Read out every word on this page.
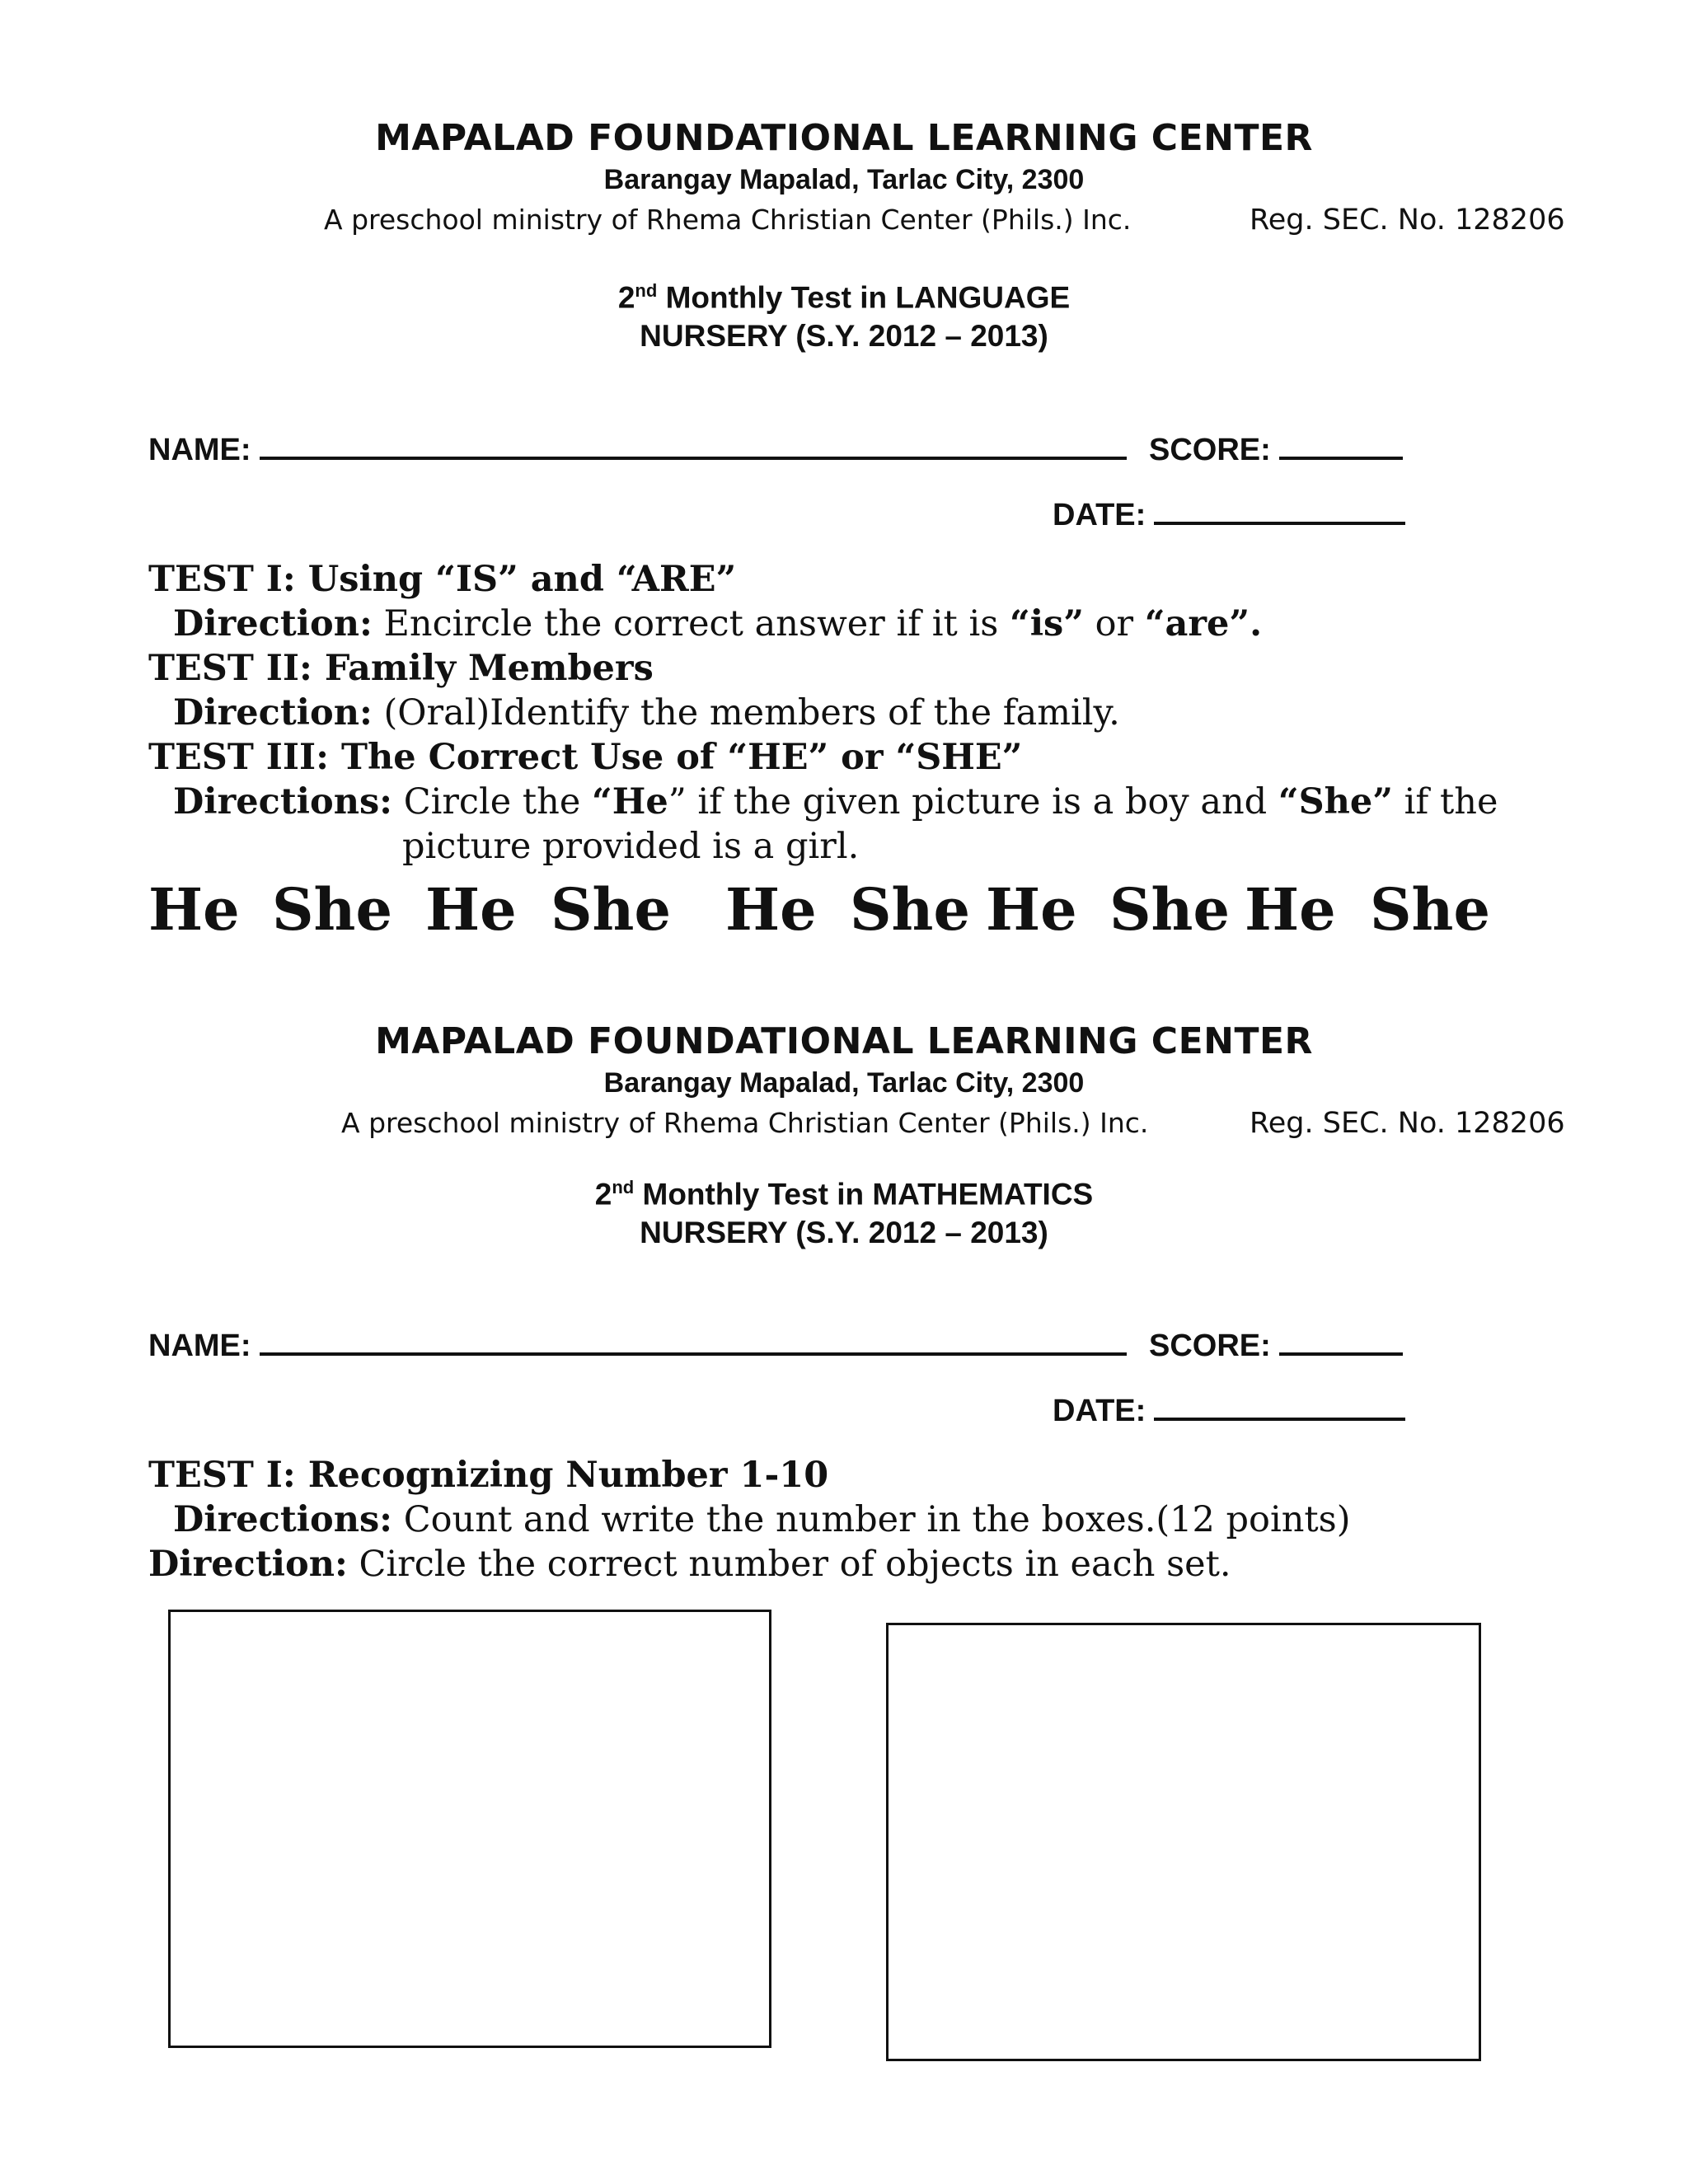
MAPALAD FOUNDATIONAL LEARNING CENTER
Barangay Mapalad, Tarlac City, 2300
A preschool ministry of Rhema Christian Center (Phils.) Inc.	Reg. SEC. No. 128206
2nd Monthly Test in LANGUAGE
NURSERY (S.Y. 2012 – 2013)
NAME:	SCORE:
DATE:
TEST I: Using “IS” and “ARE”
Direction: Encircle the correct answer if it is “is” or “are”.
TEST II: Family Members
Direction: (Oral)Identify the members of the family.
TEST III: The Correct Use of “HE” or “SHE”
Directions: Circle the “He” if the given picture is a boy and “She” if the
picture provided is a girl.
He She He She He She He She He She
MAPALAD FOUNDATIONAL LEARNING CENTER
Barangay Mapalad, Tarlac City, 2300
A preschool ministry of Rhema Christian Center (Phils.) Inc.	Reg. SEC. No. 128206
2nd Monthly Test in MATHEMATICS
NURSERY (S.Y. 2012 – 2013)
NAME:	SCORE:
DATE:
TEST I: Recognizing Number 1-10
Directions: Count and write the number in the boxes.(12 points)
Direction: Circle the correct number of objects in each set.
